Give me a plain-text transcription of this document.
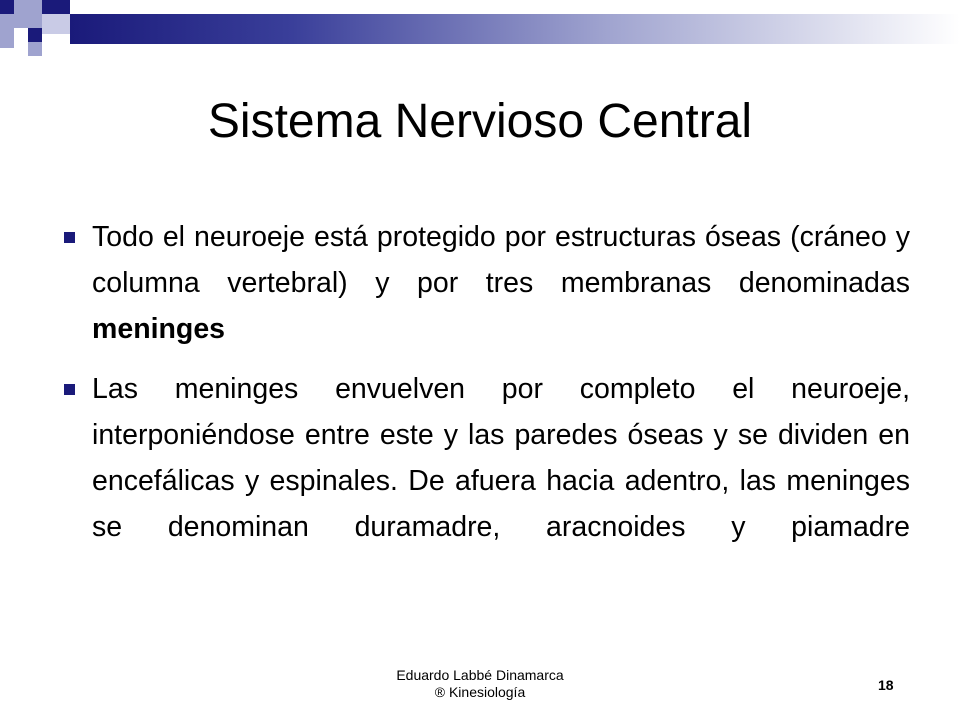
Sistema Nervioso Central
Todo el neuroeje está protegido por estructuras óseas (cráneo y columna vertebral) y por tres membranas denominadas meninges
Las meninges envuelven por completo el neuroeje, interponiéndose entre este y las paredes óseas y se dividen en encefálicas y espinales. De afuera hacia adentro, las meninges se denominan duramadre, aracnoides y piamadre
Eduardo Labbé Dinamarca
® Kinesiología	18
